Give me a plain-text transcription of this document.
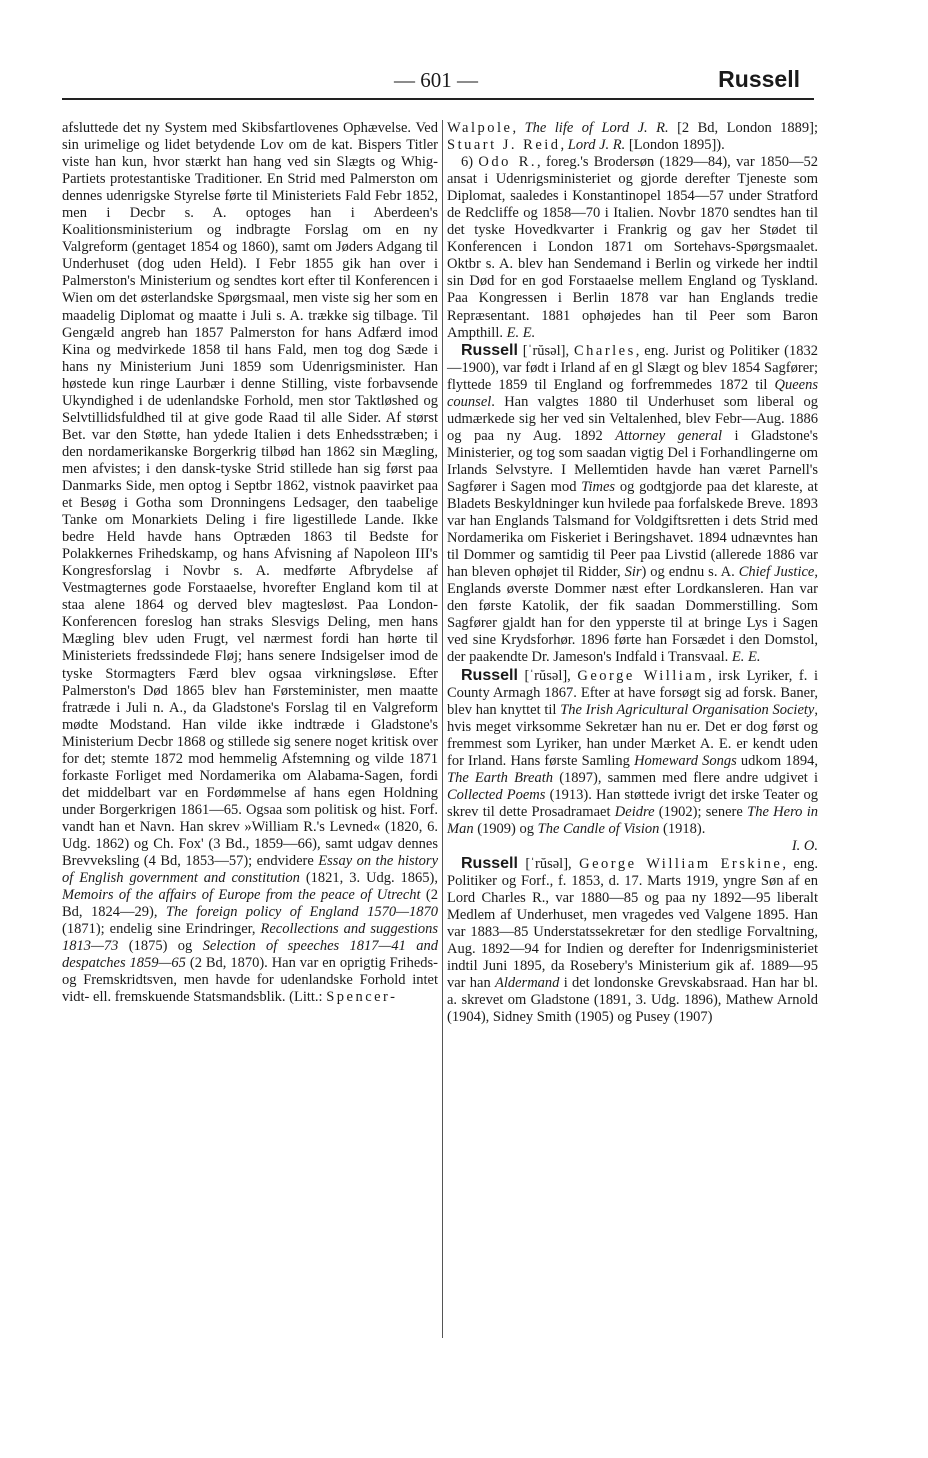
— 601 —	Russell

afsluttede det ny System med Skibsfartlovenes Ophævelse. Ved sin urimelige og lidet betydende Lov om de kat. Bispers Titler viste han kun, hvor stærkt han hang ved sin Slægts og Whig-Partiets protestantiske Traditioner. En Strid med Palmerston om dennes udenrigske Styrelse førte til Ministeriets Fald Febr 1852, men i Decbr s. A. optoges han i Aberdeen's Koalitionsministerium og indbragte Forslag om en ny Valgreform (gentaget 1854 og 1860), samt om Jøders Adgang til Underhuset (dog uden Held). I Febr 1855 gik han over i Palmerston's Ministerium og sendtes kort efter til Konferencen i Wien om det østerlandske Spørgsmaal, men viste sig her som en maadelig Diplomat og maatte i Juli s. A. trække sig tilbage. Til Gengæld angreb han 1857 Palmerston for hans Adfærd imod Kina og medvirkede 1858 til hans Fald, men tog dog Sæde i hans ny Ministerium Juni 1859 som Udenrigsminister. Han høstede kun ringe Laurbær i denne Stilling, viste forbavsende Ukyndighed i de udenlandske Forhold, men stor Taktløshed og Selvtillidsfuldhed til at give gode Raad til alle Sider. Af størst Bet. var den Støtte, han ydede Italien i dets Enhedsstræben; i den nordamerikanske Borgerkrig tilbød han 1862 sin Mægling, men afvistes; i den dansk-tyske Strid stillede han sig først paa Danmarks Side, men optog i Septbr 1862, vistnok paavirket paa et Besøg i Gotha som Dronningens Ledsager, den taabelige Tanke om Monarkiets Deling i fire ligestillede Lande. Ikke bedre Held havde hans Optræden 1863 til Bedste for Polakkernes Frihedskamp, og hans Afvisning af Napoleon III's Kongresforslag i Novbr s. A. medførte Afbrydelse af Vestmagternes gode Forstaaelse, hvorefter England kom til at staa alene 1864 og derved blev magtesløst. Paa London-Konferencen foreslog han straks Slesvigs Deling, men hans Mægling blev uden Frugt, vel nærmest fordi han hørte til Ministeriets fredssindede Fløj; hans senere Indsigelser imod de tyske Stormagters Færd blev ogsaa virkningsløse. Efter Palmerston's Død 1865 blev han Førsteminister, men maatte fratræde i Juli n. A., da Gladstone's Forslag til en Valgreform mødte Modstand. Han vilde ikke indtræde i Gladstone's Ministerium Decbr 1868 og stillede sig senere noget kritisk over for det; stemte 1872 mod hemmelig Afstemning og vilde 1871 forkaste Forliget med Nordamerika om Alabama-Sagen, fordi det middelbart var en Fordømmelse af hans egen Holdning under Borgerkrigen 1861—65. Ogsaa som politisk og hist. Forf. vandt han et Navn. Han skrev »William R.'s Levned« (1820, 6. Udg. 1862) og Ch. Fox' (3 Bd., 1859—66), samt udgav dennes Brevveksling (4 Bd, 1853—57); endvidere Essay on the history of English government and constitution (1821, 3. Udg. 1865), Memoirs of the affairs of Europe from the peace of Utrecht (2 Bd, 1824—29), The foreign policy of England 1570—1870 (1871); endelig sine Erindringer, Recollections and suggestions 1813—73 (1875) og Selection of speeches 1817—41 and despatches 1859—65 (2 Bd, 1870). Han var en oprigtig Friheds- og Fremskridtsven, men havde for udenlandske Forhold intet vidt- ell. fremskuende Statsmandsblik. (Litt.: Spencer-

Walpole, The life of Lord J. R. [2 Bd, London 1889]; Stuart J. Reid, Lord J. R. [London 1895]).

6) Odo R., foreg.'s Brodersøn (1829—84), var 1850—52 ansat i Udenrigsministeriet og gjorde derefter Tjeneste som Diplomat, saaledes i Konstantinopel 1854—57 under Stratford de Redcliffe og 1858—70 i Italien. Novbr 1870 sendtes han til det tyske Hovedkvarter i Frankrig og gav her Stødet til Konferencen i London 1871 om Sortehavs-Spørgsmaalet. Oktbr s. A. blev han Sendemand i Berlin og virkede her indtil sin Død for en god Forstaaelse mellem England og Tyskland. Paa Kongressen i Berlin 1878 var han Englands tredie Repræsentant. 1881 ophøjedes han til Peer som Baron Ampthill. E. E.

Russell [ˈrŭsəl], Charles, eng. Jurist og Politiker (1832—1900), var født i Irland af en gl Slægt og blev 1854 Sagfører; flyttede 1859 til England og forfremmedes 1872 til Queens counsel. Han valgtes 1880 til Underhuset som liberal og udmærkede sig her ved sin Veltalenhed, blev Febr—Aug. 1886 og paa ny Aug. 1892 Attorney general i Gladstone's Ministerier, og tog som saadan vigtig Del i Forhandlingerne om Irlands Selvstyre. I Mellemtiden havde han været Parnell's Sagfører i Sagen mod Times og godtgjorde paa det klareste, at Bladets Beskyldninger kun hvilede paa forfalskede Breve. 1893 var han Englands Talsmand for Voldgiftsretten i dets Strid med Nordamerika om Fiskeriet i Beringshavet. 1894 udnævntes han til Dommer og samtidig til Peer paa Livstid (allerede 1886 var han bleven ophøjet til Ridder, Sir) og endnu s. A. Chief Justice, Englands øverste Dommer næst efter Lordkansleren. Han var den første Katolik, der fik saadan Dommerstilling. Som Sagfører gjaldt han for den ypperste til at bringe Lys i Sagen ved sine Krydsforhør. 1896 førte han Forsædet i den Domstol, der paakendte Dr. Jameson's Indfald i Transvaal. E. E.

Russell [ˈrŭsəl], George William, irsk Lyriker, f. i County Armagh 1867. Efter at have forsøgt sig ad forsk. Baner, blev han knyttet til The Irish Agricultural Organisation Society, hvis meget virksomme Sekretær han nu er. Det er dog først og fremmest som Lyriker, han under Mærket A. E. er kendt uden for Irland. Hans første Samling Homeward Songs udkom 1894, The Earth Breath (1897), sammen med flere andre udgivet i Collected Poems (1913). Han støttede ivrigt det irske Teater og skrev til dette Prosadramaet Deidre (1902); senere The Hero in Man (1909) og The Candle of Vision (1918).

I. O.

Russell [ˈrŭsəl], George William Erskine, eng. Politiker og Forf., f. 1853, d. 17. Marts 1919, yngre Søn af en Lord Charles R., var 1880—85 og paa ny 1892—95 liberalt Medlem af Underhuset, men vragedes ved Valgene 1895. Han var 1883—85 Understatssekretær for den stedlige Forvaltning, Aug. 1892—94 for Indien og derefter for Indenrigsministeriet indtil Juni 1895, da Rosebery's Ministerium gik af. 1889—95 var han Aldermand i det londonske Grevskabsraad. Han har bl. a. skrevet om Gladstone (1891, 3. Udg. 1896), Mathew Arnold (1904), Sidney Smith (1905) og Pusey (1907)
